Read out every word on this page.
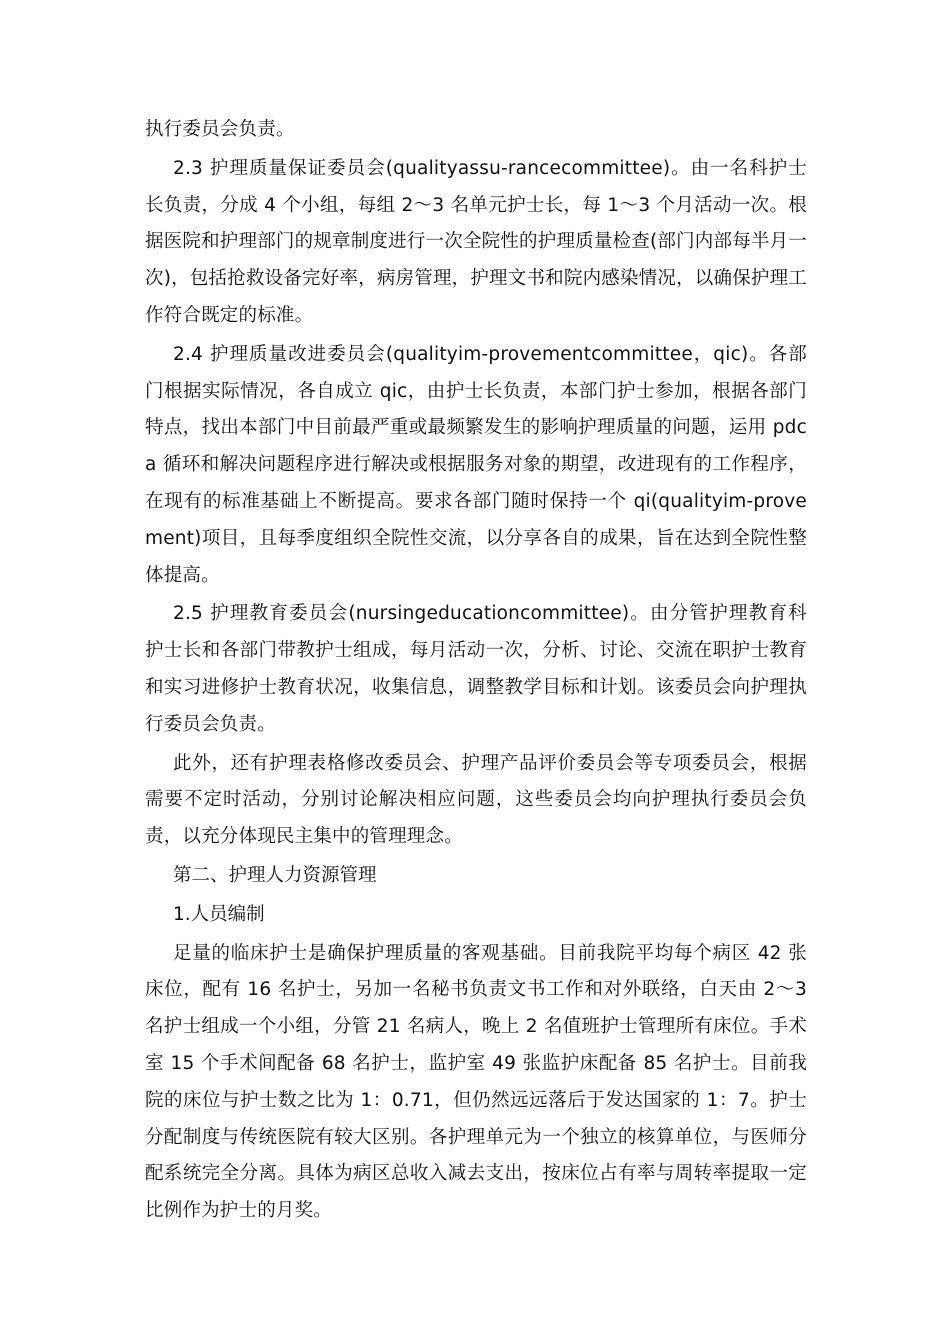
执行委员会负责。

2.3 护理质量保证委员会(qualityassu-rancecommittee)。由一名科护士长负责，分成 4 个小组，每组 2～3 名单元护士长，每 1～3 个月活动一次。根据医院和护理部门的规章制度进行一次全院性的护理质量检查(部门内部每半月一次)，包括抢救设备完好率，病房管理，护理文书和院内感染情况，以确保护理工作符合既定的标准。

2.4 护理质量改进委员会(qualityim-provementcommittee，qic)。各部门根据实际情况，各自成立 qic，由护士长负责，本部门护士参加，根据各部门特点，找出本部门中目前最严重或最频繁发生的影响护理质量的问题，运用 pdca 循环和解决问题程序进行解决或根据服务对象的期望，改进现有的工作程序，在现有的标准基础上不断提高。要求各部门随时保持一个 qi(qualityim-provement)项目，且每季度组织全院性交流，以分享各自的成果，旨在达到全院性整体提高。

2.5 护理教育委员会(nursingeducationcommittee)。由分管护理教育科护士长和各部门带教护士组成，每月活动一次，分析、讨论、交流在职护士教育和实习进修护士教育状况，收集信息，调整教学目标和计划。该委员会向护理执行委员会负责。

此外，还有护理表格修改委员会、护理产品评价委员会等专项委员会，根据需要不定时活动，分别讨论解决相应问题，这些委员会均向护理执行委员会负责，以充分体现民主集中的管理理念。

第二、护理人力资源管理

1.人员编制

足量的临床护士是确保护理质量的客观基础。目前我院平均每个病区 42 张床位，配有 16 名护士，另加一名秘书负责文书工作和对外联络，白天由 2～3 名护士组成一个小组，分管 21 名病人，晚上 2 名值班护士管理所有床位。手术室 15 个手术间配备 68 名护士，监护室 49 张监护床配备 85 名护士。目前我院的床位与护士数之比为 1：0.71，但仍然远远落后于发达国家的 1：7。护士分配制度与传统医院有较大区别。各护理单元为一个独立的核算单位，与医师分配系统完全分离。具体为病区总收入减去支出，按床位占有率与周转率提取一定比例作为护士的月奖。
